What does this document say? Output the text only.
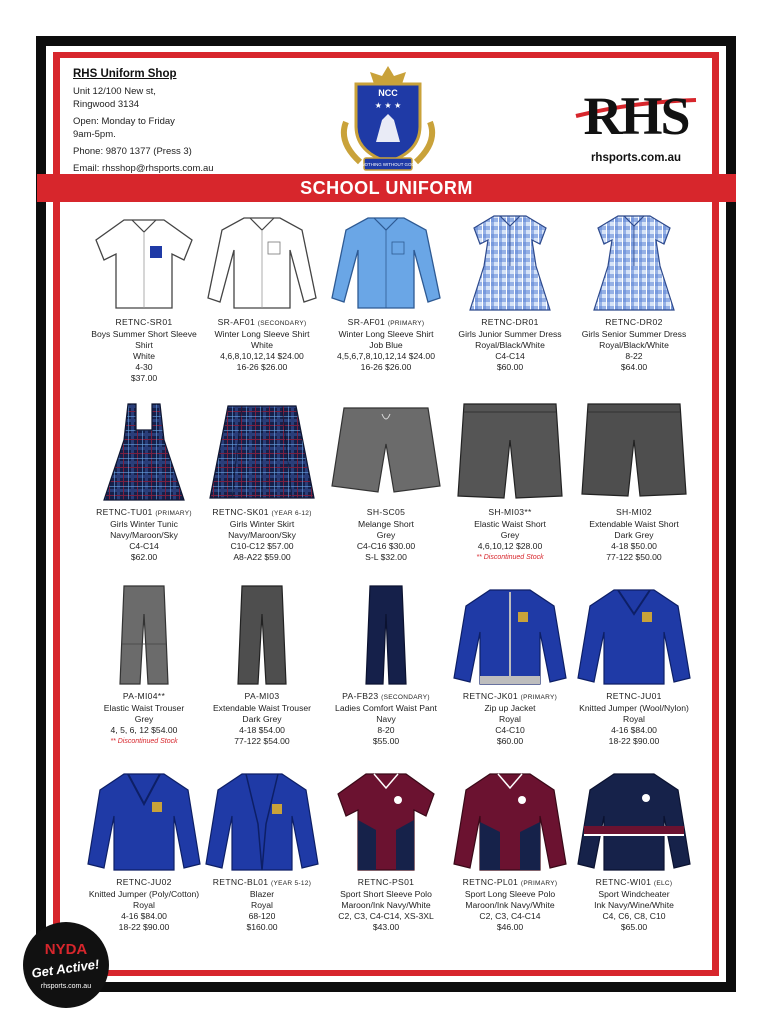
RHS Uniform Shop
Unit 12/100 New st,
Ringwood 3134
Open: Monday to Friday
9am-5pm.
Phone: 9870 1377 (Press 3)
Email: rhsshop@rhsports.com.au
NCC
★ ★ ★
NOTHING WITHOUT GOD
RHS
rhsports.com.au
SCHOOL UNIFORM
RETNC-SR01
Boys Summer Short Sleeve Shirt
White
4-30
$37.00
SR-AF01 (SECONDARY)
Winter Long Sleeve Shirt
White
4,6,8,10,12,14 $24.00
16-26 $26.00
SR-AF01 (PRIMARY)
Winter Long Sleeve Shirt
Job Blue
4,5,6,7,8,10,12,14 $24.00
16-26 $26.00
RETNC-DR01
Girls Junior Summer Dress
Royal/Black/White
C4-C14
$60.00
RETNC-DR02
Girls Senior Summer Dress
Royal/Black/White
8-22
$64.00
RETNC-TU01 (PRIMARY)
Girls Winter Tunic
Navy/Maroon/Sky
C4-C14
$62.00
RETNC-SK01 (YEAR 6-12)
Girls Winter Skirt
Navy/Maroon/Sky
C10-C12 $57.00
A8-A22 $59.00
SH-SC05
Melange Short
Grey
C4-C16 $30.00
S-L $32.00
SH-MI03**
Elastic Waist Short
Grey
4,6,10,12 $28.00
** Discontinued Stock
SH-MI02
Extendable Waist Short
Dark Grey
4-18 $50.00
77-122 $50.00
PA-MI04**
Elastic Waist Trouser
Grey
4, 5, 6, 12 $54.00
** Discontinued Stock
PA-MI03
Extendable Waist Trouser
Dark Grey
4-18 $54.00
77-122 $54.00
PA-FB23 (SECONDARY)
Ladies Comfort Waist Pant
Navy
8-20
$55.00
RETNC-JK01 (PRIMARY)
Zip up Jacket
Royal
C4-C10
$60.00
RETNC-JU01
Knitted Jumper (Wool/Nylon)
Royal
4-16 $84.00
18-22 $90.00
RETNC-JU02
Knitted Jumper (Poly/Cotton)
Royal
4-16 $84.00
18-22 $90.00
RETNC-BL01 (YEAR 5-12)
Blazer
Royal
68-120
$160.00
RETNC-PS01
Sport Short Sleeve Polo
Maroon/Ink Navy/White
C2, C3, C4-C14, XS-3XL
$43.00
RETNC-PL01 (PRIMARY)
Sport Long Sleeve Polo
Maroon/Ink Navy/White
C2, C3, C4-C14
$46.00
RETNC-WI01 (ELC)
Sport Windcheater
Ink Navy/Wine/White
C4, C6, C8, C10
$65.00
NYDA
Get Active!
rhsports.com.au
